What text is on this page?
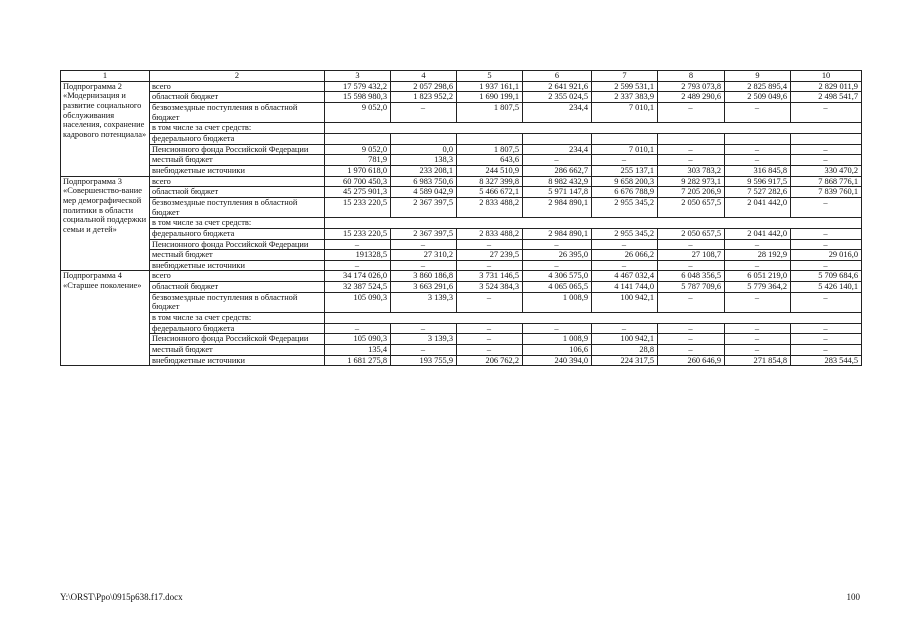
1	2	3	4	5	6	7	8	9	10
Подпрограмма 2 «Модернизация и развитие социального обслуживания населения, сохранение кадрового потенциала»	всего	17 579 432,2	2 057 298,6	1 937 161,1	2 641 921,6	2 599 531,1	2 793 073,8	2 825 895,4	2 829 011,9
	областной бюджет	15 598 980,3	1 823 952,2	1 690 199,1	2 355 024,5	2 337 383,9	2 489 290,6	2 509 049,6	2 498 541,7
	безвозмездные поступления в областной бюджет	9 052,0	–	1 807,5	234,4	7 010,1	–	–	–
	в том числе за счет средств:								
	федерального бюджета								
	Пенсионного фонда Российской Федерации	9 052,0	0,0	1 807,5	234,4	7 010,1	–	–	–
	местный бюджет	781,9	138,3	643,6	–	–	–	–	–
	внебюджетные источники	1 970 618,0	233 208,1	244 510,9	286 662,7	255 137,1	303 783,2	316 845,8	330 470,2
Подпрограмма 3 «Совершенство-вание мер демографической политики в области социальной поддержки семьи и детей»	всего	60 700 450,3	6 983 750,6	8 327 399,8	8 982 432,9	9 658 200,3	9 282 973,1	9 596 917,5	7 868 776,1
	областной бюджет	45 275 901,3	4 589 042,9	5 466 672,1	5 971 147,8	6 676 788,9	7 205 206,9	7 527 282,6	7 839 760,1
	безвозмездные поступления в областной бюджет	15 233 220,5	2 367 397,5	2 833 488,2	2 984 890,1	2 955 345,2	2 050 657,5	2 041 442,0	–
	в том числе за счет средств:								
	федерального бюджета	15 233 220,5	2 367 397,5	2 833 488,2	2 984 890,1	2 955 345,2	2 050 657,5	2 041 442,0	–
	Пенсионного фонда Российской Федерации	–	–	–	–	–	–	–	–
	местный бюджет	191328,5	27 310,2	27 239,5	26 395,0	26 066,2	27 108,7	28 192,9	29 016,0
	внебюджетные источники	–	–	–	–	–	–	–	–
Подпрограмма 4 «Старшее поколение»	всего	34 174 026,0	3 860 186,8	3 731 146,5	4 306 575,0	4 467 032,4	6 048 356,5	6 051 219,0	5 709 684,6
	областной бюджет	32 387 524,5	3 663 291,6	3 524 384,3	4 065 065,5	4 141 744,0	5 787 709,6	5 779 364,2	5 426 140,1
	безвозмездные поступления в областной бюджет	105 090,3	3 139,3	–	1 008,9	100 942,1	–	–	–
	в том числе за счет средств:								
	федерального бюджета	–	–	–	–	–	–	–	–
	Пенсионного фонда Российской Федерации	105 090,3	3 139,3	–	1 008,9	100 942,1	–	–	–
	местный бюджет	135,4	–	–	106,6	28,8	–	–	–
	внебюджетные источники	1 681 275,8	193 755,9	206 762,2	240 394,0	224 317,5	260 646,9	271 854,8	283 544,5
Y:\ORST\Ppo\0915p638.f17.docx	100
